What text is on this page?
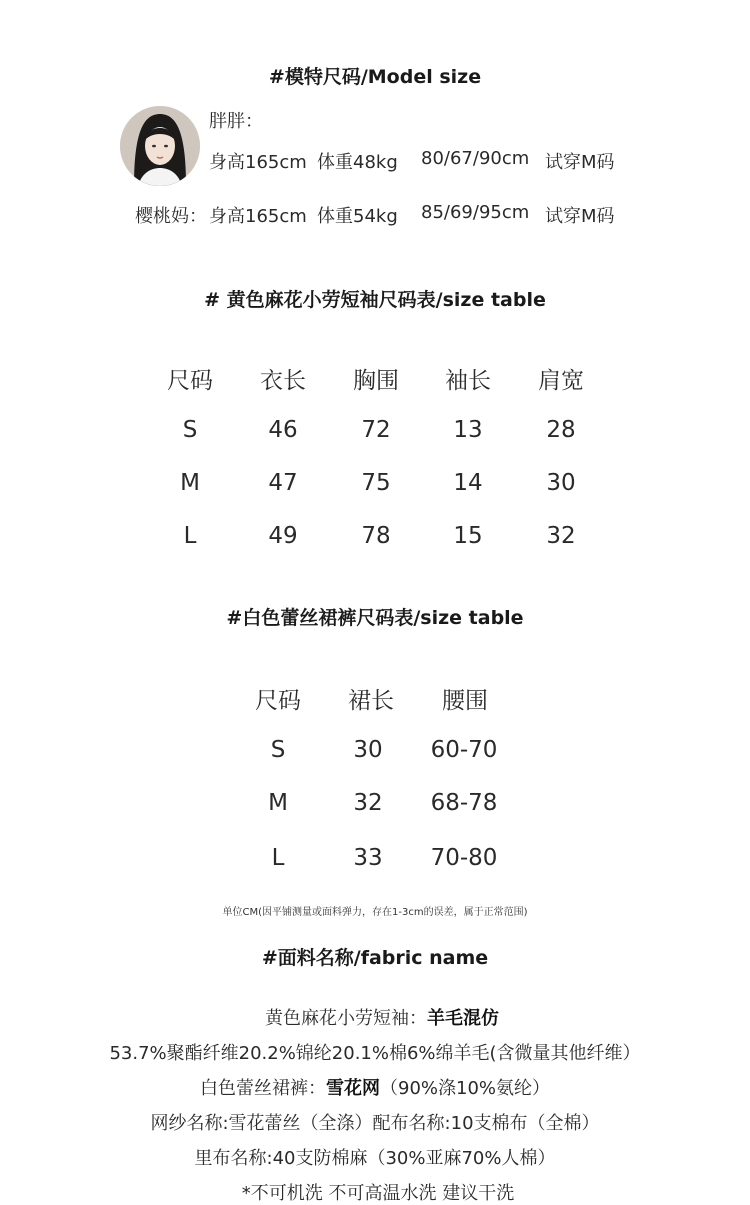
#模特尺码/Model size
胖胖：
身高165cm 体重48kg 80/67/90cm 试穿M码
樱桃妈： 身高165cm 体重54kg 85/69/95cm 试穿M码
# 黄色麻花小劳短袖尺码表/size table
尺码 衣长 胸围 袖长 肩宽
S	46	72	13	28
M	47	75	14	30
L	49	78	15	32
#白色蕾丝裙裤尺码表/size table
尺码 裙长 腰围
S	30 60-70
M	32 68-78
L	33 70-80
单位CM(因平铺测量或面料弹力，存在1-3cm的误差，属于正常范围)
#面料名称/fabric name
黄色麻花小劳短袖：羊毛混仿
53.7%聚酯纤维20.2%锦纶20.1%棉6%绵羊毛(含微量其他纤维）
白色蕾丝裙裤：雪花网（90%涤10%氨纶）
网纱名称:雪花蕾丝（全涤）配布名称:10支棉布（全棉）
里布名称:40支防棉麻（30%亚麻70%人棉）
*不可机洗 不可高温水洗 建议干洗
